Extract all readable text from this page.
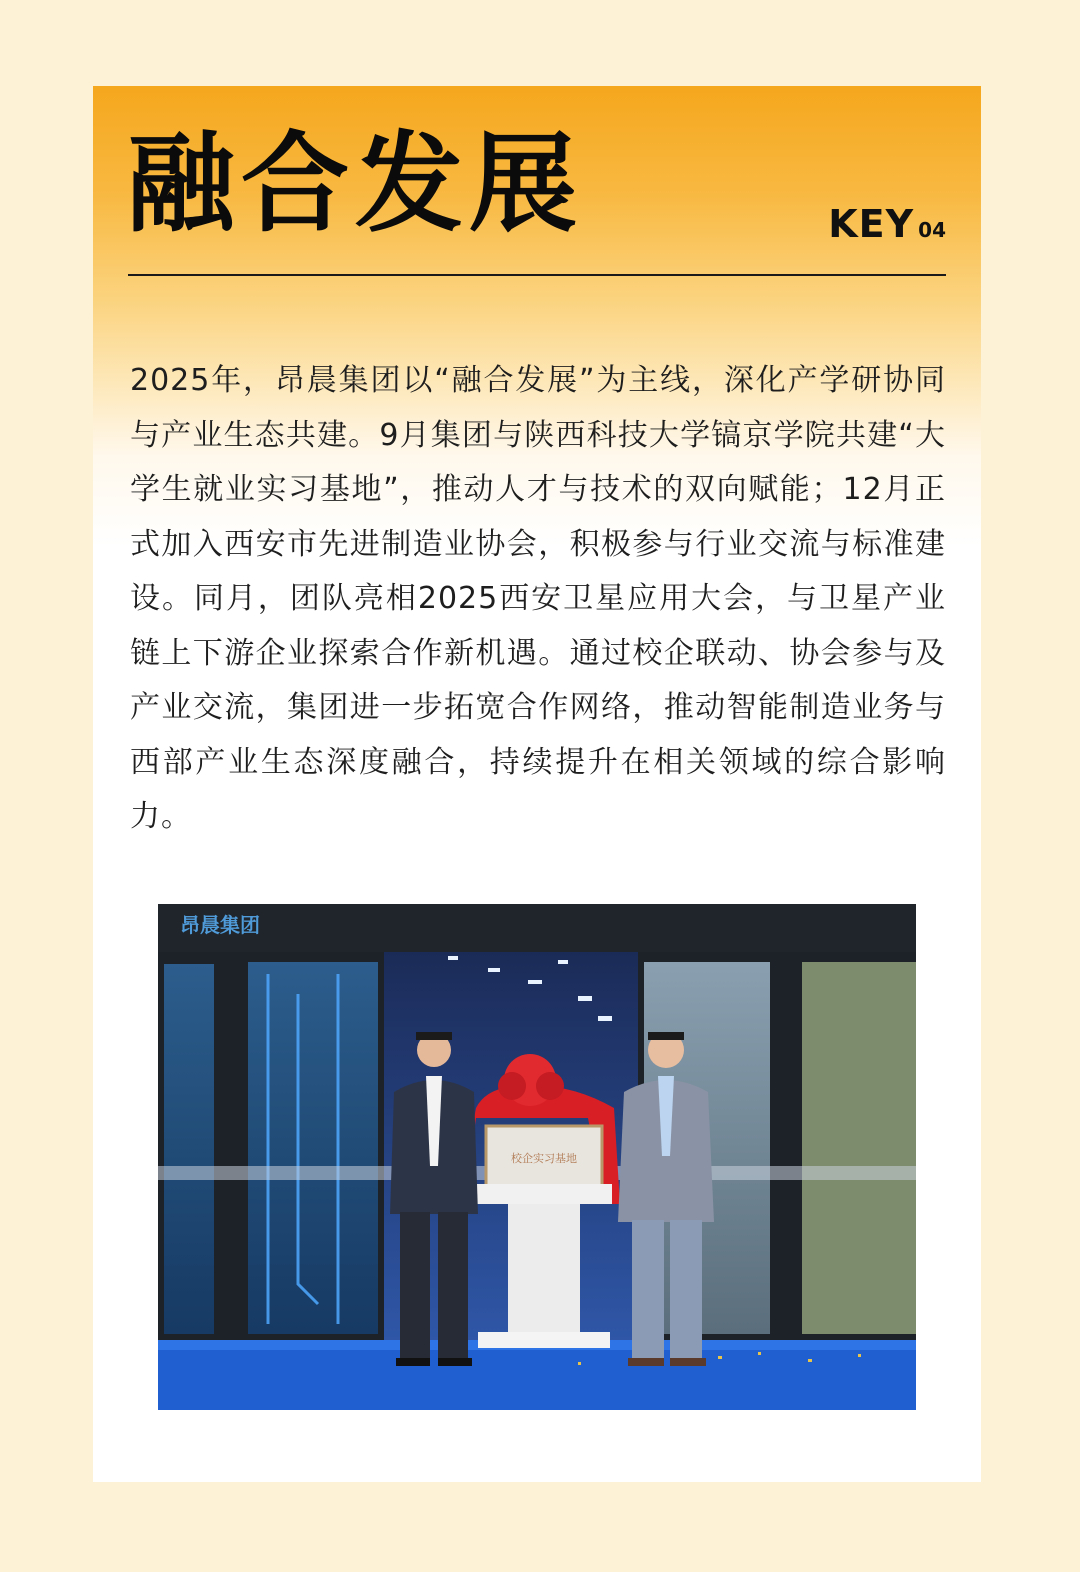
融合发展	KEY 04
2025年，昂晨集团以“融合发展”为主线，深化产学研协同与产业生态共建。9月集团与陕西科技大学镐京学院共建“大学生就业实习基地”，推动人才与技术的双向赋能；12月正式加入西安市先进制造业协会，积极参与行业交流与标准建设。同月，团队亮相2025西安卫星应用大会，与卫星产业链上下游企业探索合作新机遇。通过校企联动、协会参与及产业交流，集团进一步拓宽合作网络，推动智能制造业务与西部产业生态深度融合，持续提升在相关领域的综合影响力。
昂晨集团
校企实习基地
